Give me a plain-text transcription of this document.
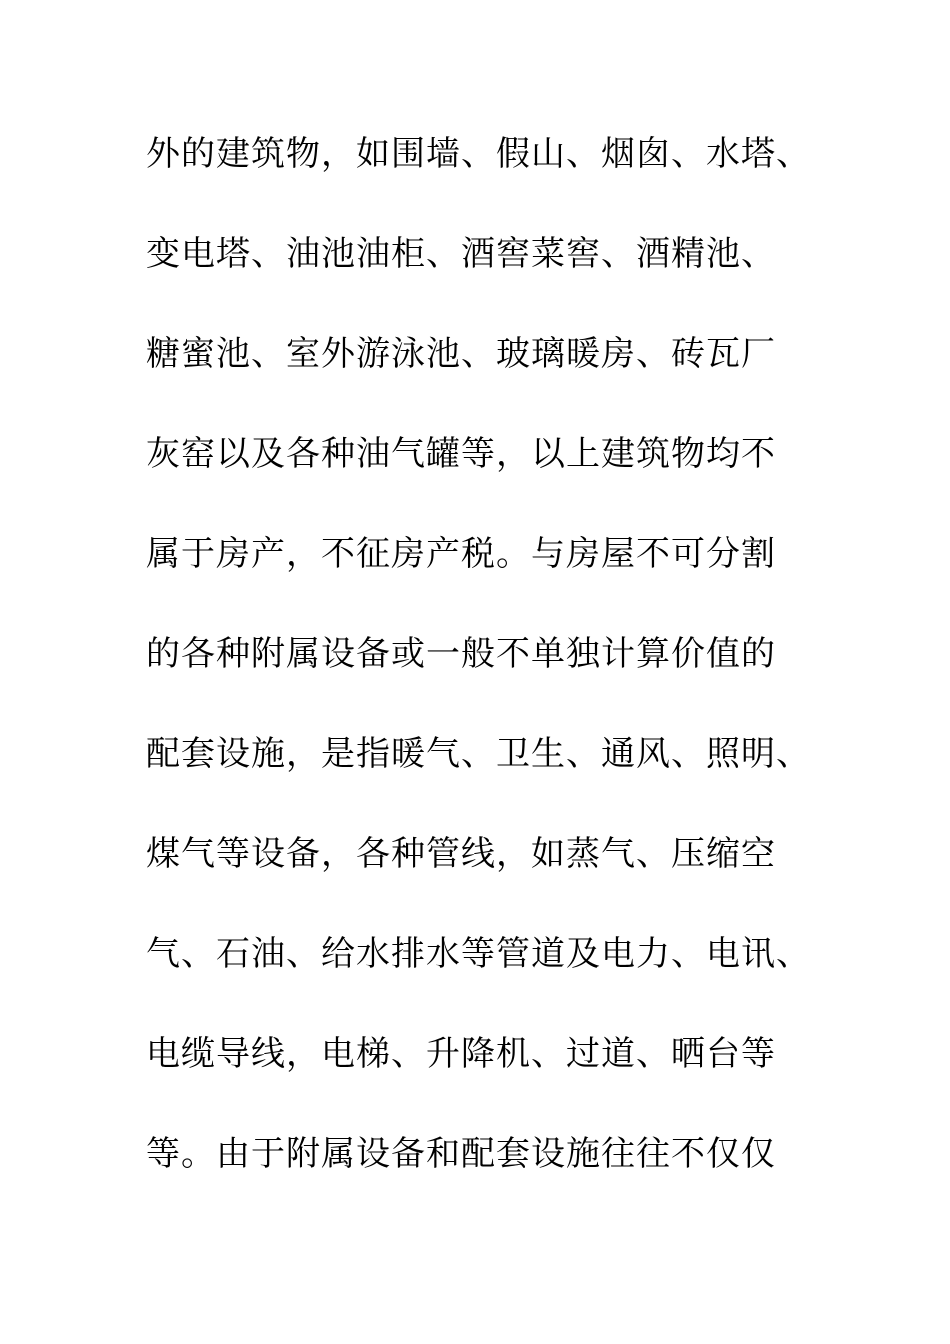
外的建筑物，如围墙、假山、烟囱、水塔、
变电塔、油池油柜、酒窖菜窖、酒精池、
糖蜜池、室外游泳池、玻璃暖房、砖瓦厂
灰窑以及各种油气罐等，以上建筑物均不
属于房产，不征房产税。与房屋不可分割
的各种附属设备或一般不单独计算价值的
配套设施，是指暖气、卫生、通风、照明、
煤气等设备，各种管线，如蒸气、压缩空
气、石油、给水排水等管道及电力、电讯、
电缆导线，电梯、升降机、过道、晒台等
等。由于附属设备和配套设施往往不仅仅
